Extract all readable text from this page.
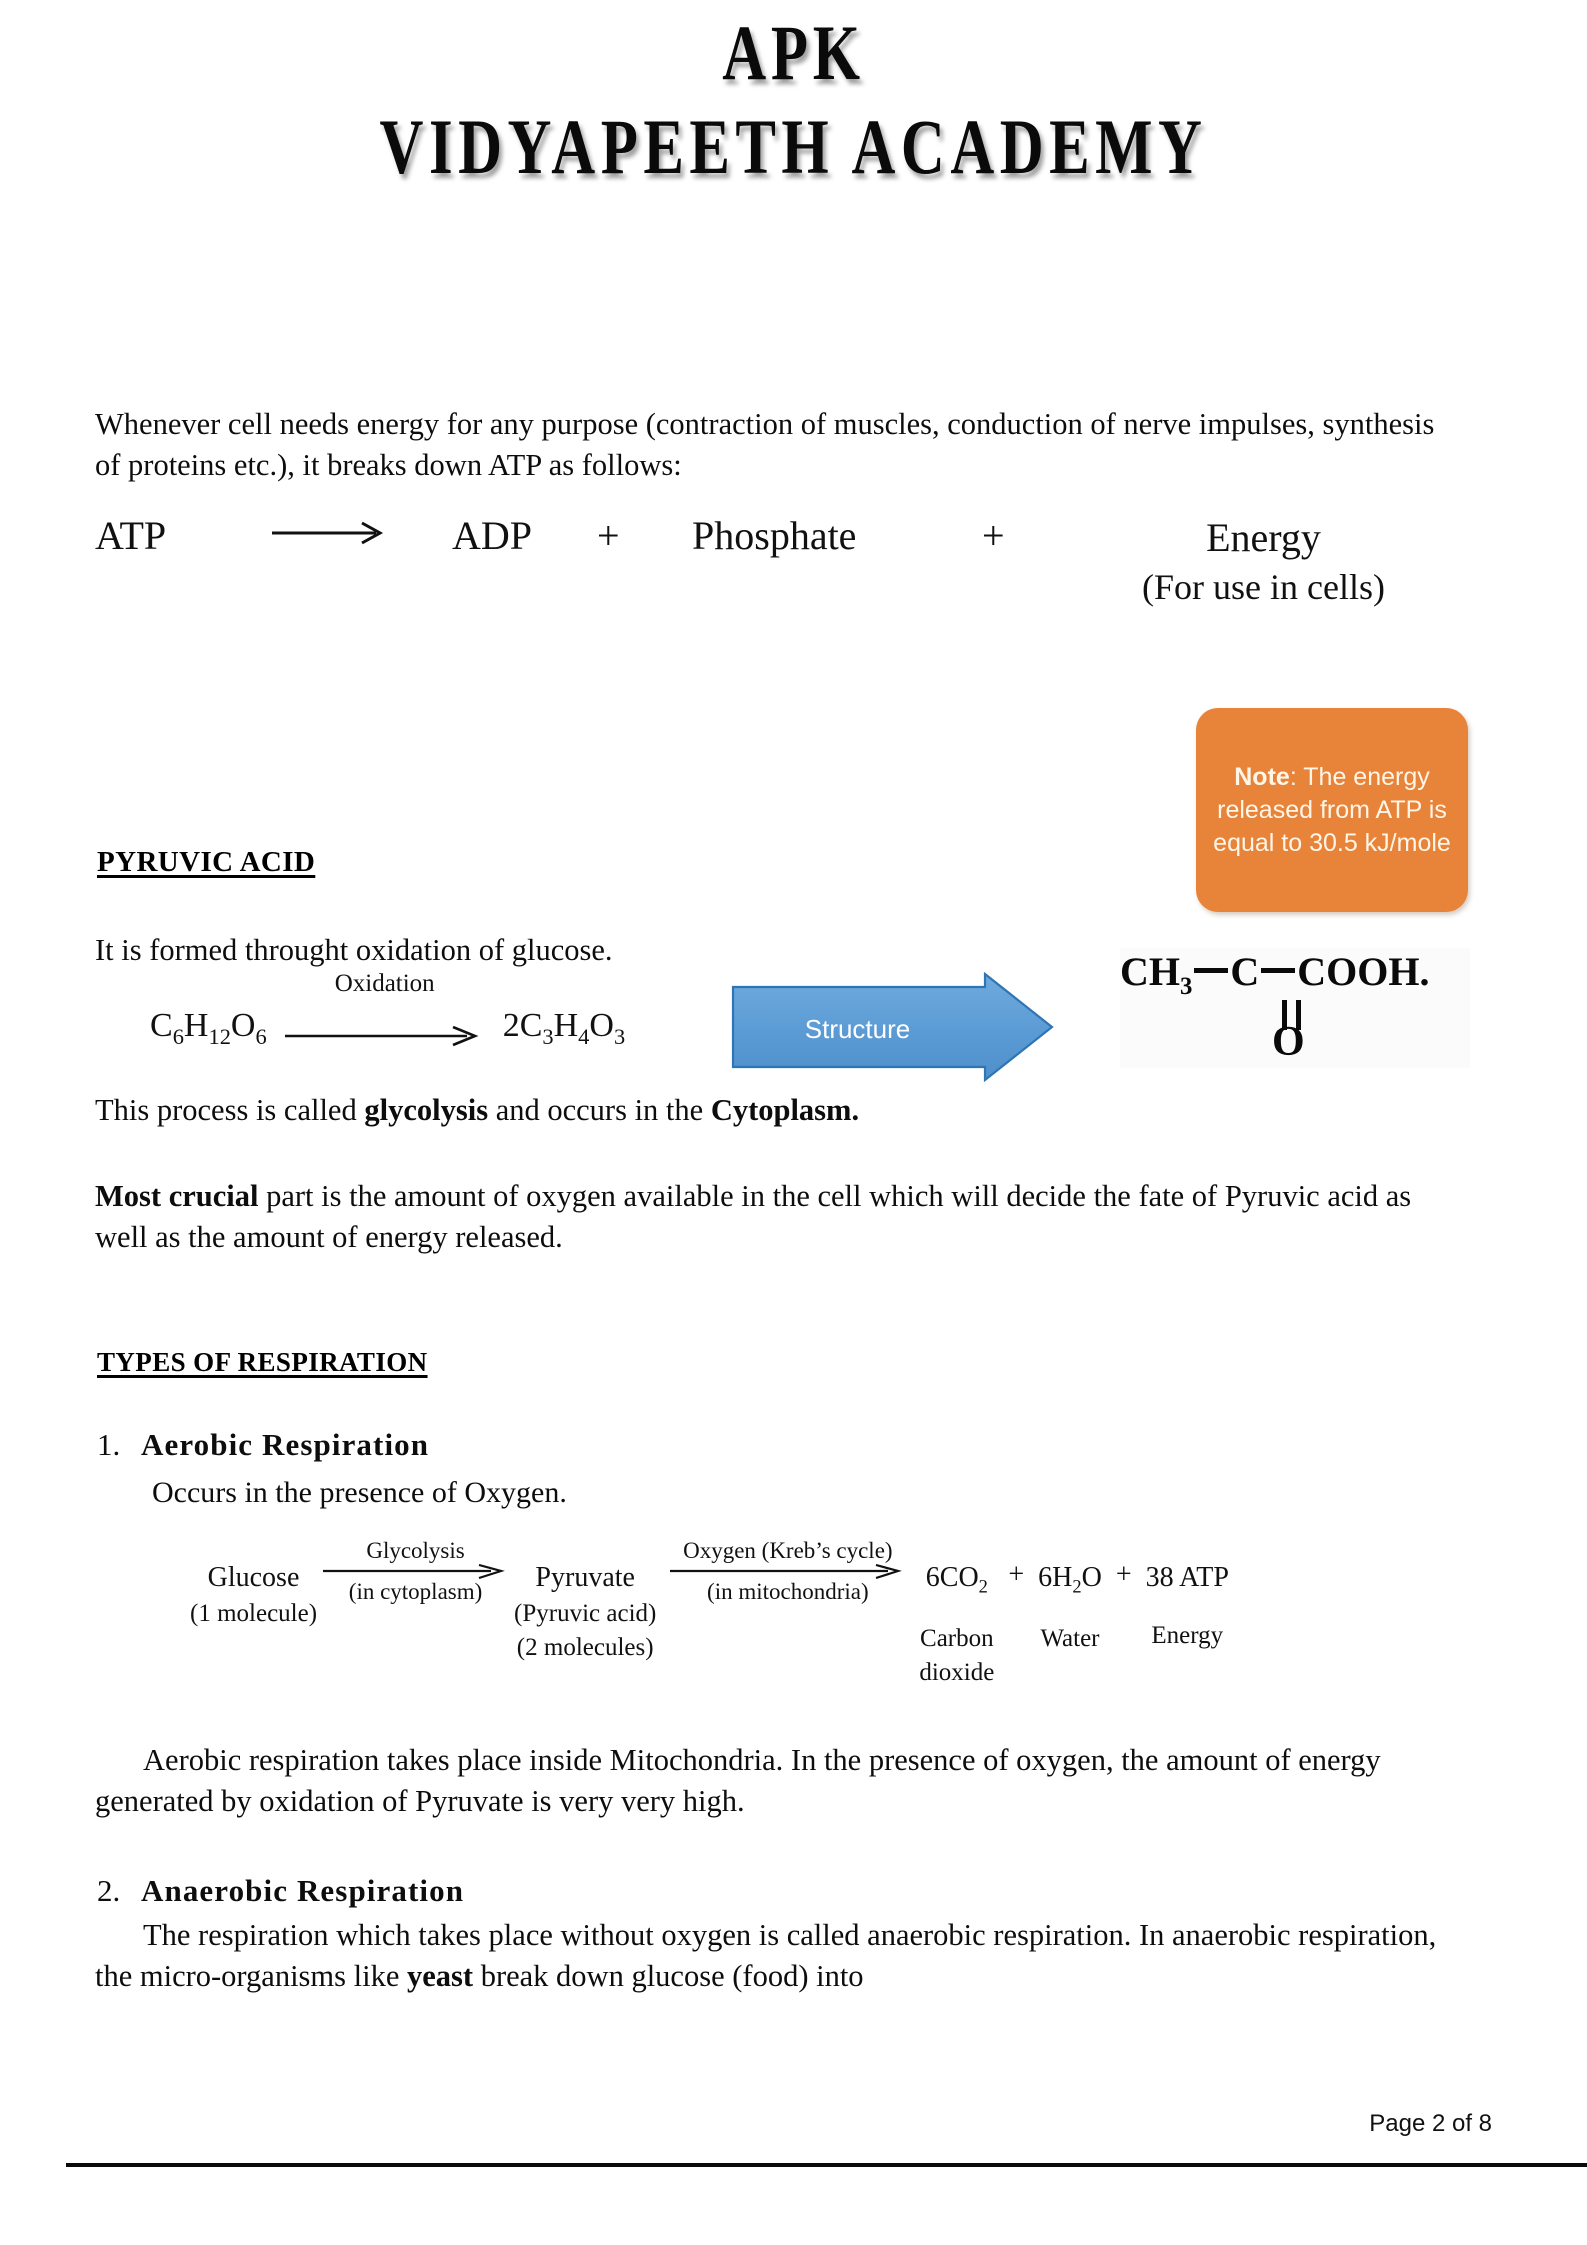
APK
VIDYAPEETH ACADEMY
Whenever cell needs energy for any purpose (contraction of muscles, conduction of nerve impulses, synthesis of proteins etc.), it breaks down ATP as follows:
ATP	ADP	+	Phosphate	+	Energy
(For use in cells)
Note: The energy released from ATP is equal to 30.5 kJ/mole
PYRUVIC ACID
It is formed throught oxidation of glucose.
$C_6H_{12}O_6$
Oxidation
$2C_3H_4O_3$	Structure
$CH_3$ C COOH.
O
This process is called glycolysis and occurs in the Cytoplasm.
Most crucial part is the amount of oxygen available in the cell which will decide the fate of Pyruvic acid as well as the amount of energy released.
TYPES OF RESPIRATION
1. Aerobic Respiration
Occurs in the presence of Oxygen.
Glucose
(1 molecule)
Glycolysis
(in cytoplasm)	Pyruvate
(Pyruvic acid)
(2 molecules)
Oxygen (Kreb’s cycle)
(in mitochondria)	$6CO_2$
Carbon
dioxide
+ $6H_2O$
Water
+ 38 ATP
Energy
Aerobic respiration takes place inside Mitochondria. In the presence of oxygen, the amount of energy generated by oxidation of Pyruvate is very very high.
2. Anaerobic Respiration
The respiration which takes place without oxygen is called anaerobic respiration. In anaerobic respiration, the micro-organisms like yeast break down glucose (food) into
Page 2 of 8
